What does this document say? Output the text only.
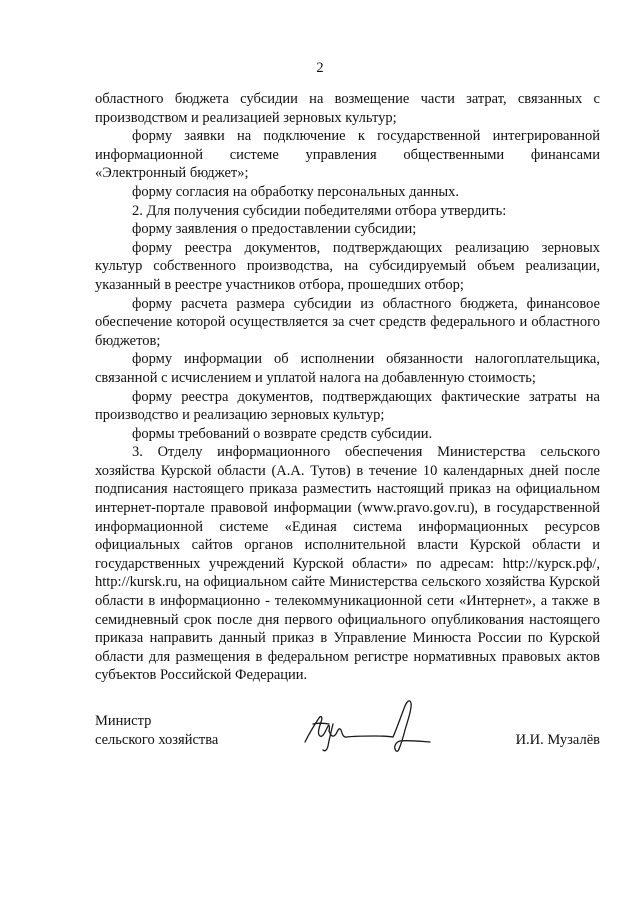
2

областного бюджета субсидии на возмещение части затрат, связанных с производством и реализацией зерновых культур;

форму заявки на подключение к государственной интегрированной информационной системе управления общественными финансами «Электронный бюджет»;

форму согласия на обработку персональных данных.

2. Для получения субсидии победителями отбора утвердить:

форму заявления о предоставлении субсидии;

форму реестра документов, подтверждающих реализацию зерновых культур собственного производства, на субсидируемый объем реализации, указанный в реестре участников отбора, прошедших отбор;

форму расчета размера субсидии из областного бюджета, финансовое обеспечение которой осуществляется за счет средств федерального и областного бюджетов;

форму информации об исполнении обязанности налогоплательщика, связанной с исчислением и уплатой налога на добавленную стоимость;

форму реестра документов, подтверждающих фактические затраты на производство и реализацию зерновых культур;

формы требований о возврате средств субсидии.

3. Отделу информационного обеспечения Министерства сельского хозяйства Курской области (А.А. Тутов) в течение 10 календарных дней после подписания настоящего приказа разместить настоящий приказ на официальном интернет-портале правовой информации (www.pravo.gov.ru), в государственной информационной системе «Единая система информационных ресурсов официальных сайтов органов исполнительной власти Курской области и государственных учреждений Курской области» по адресам: http://курск.рф/, http://kursk.ru, на официальном сайте Министерства сельского хозяйства Курской области в информационно - телекоммуникационной сети «Интернет», а также в семидневный срок после дня первого официального опубликования настоящего приказа направить данный приказ в Управление Минюста России по Курской области для размещения в федеральном регистре нормативных правовых актов субъектов Российской Федерации.

Министр
сельского хозяйства	И.И. Музалёв
